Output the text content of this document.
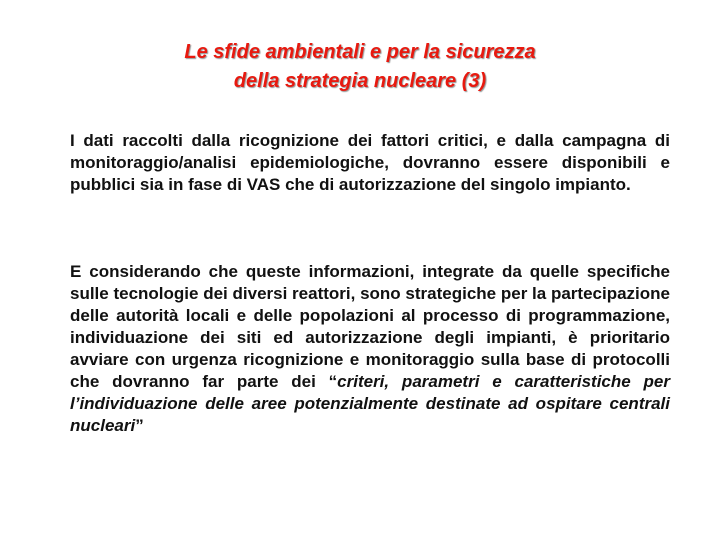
Le sfide ambientali e per la sicurezza
della strategia nucleare (3)

I dati raccolti dalla ricognizione dei fattori critici, e dalla campagna di monitoraggio/analisi epidemiologiche, dovranno essere disponibili e pubblici sia in fase di VAS che di autorizzazione del singolo impianto.

E considerando che queste informazioni, integrate da quelle specifiche sulle tecnologie dei diversi reattori, sono strategiche per la partecipazione delle autorità locali e delle popolazioni al processo di programmazione, individuazione dei siti ed autorizzazione degli impianti, è prioritario avviare con urgenza ricognizione e monitoraggio sulla base di protocolli che dovranno far parte dei “criteri, parametri e caratteristiche per l’individuazione delle aree potenzialmente destinate ad ospitare centrali nucleari”
